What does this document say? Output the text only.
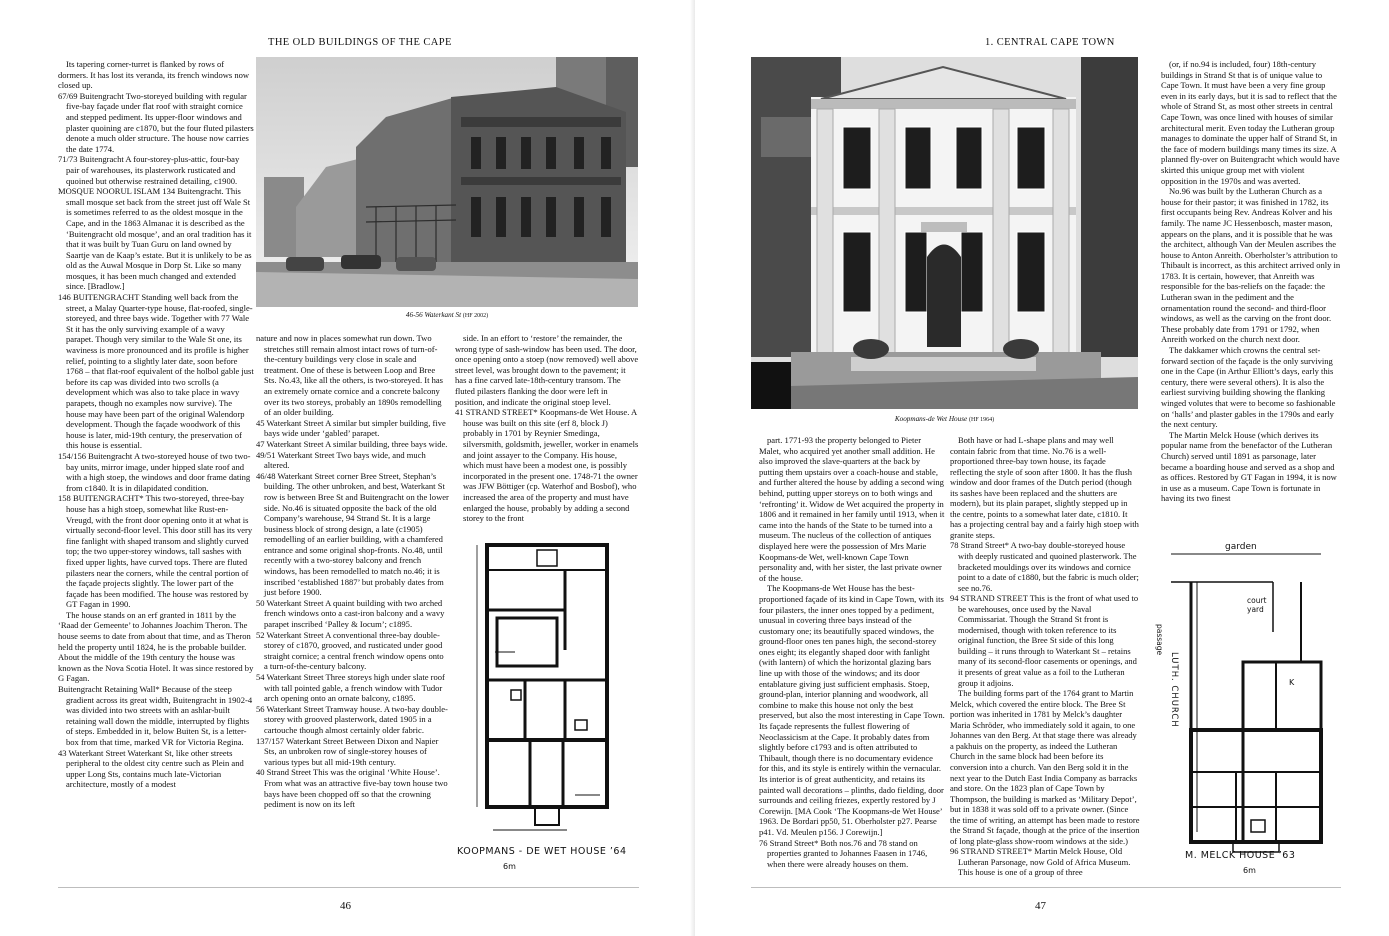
THE OLD BUILDINGS OF THE CAPE

Its tapering corner-turret is flanked by rows of dormers. It has lost its veranda, its french windows now closed up.

67/69 Buitengracht Two-storeyed building with regular five-bay façade under flat roof with straight cornice and stepped pediment. Its upper-floor windows and plaster quoining are c1870, but the four fluted pilasters denote a much older structure. The house now carries the date 1774.

71/73 Buitengracht A four-storey-plus-attic, four-bay pair of warehouses, its plasterwork rusticated and quoined but otherwise restrained detailing, c1900.

MOSQUE NOORUL ISLAM 134 Buitengracht. This small mosque set back from the street just off Wale St is sometimes referred to as the oldest mosque in the Cape, and in the 1863 Almanac it is described as the ‘Buitengracht old mosque’, and an oral tradition has it that it was built by Tuan Guru on land owned by Saartje van de Kaap’s estate. But it is unlikely to be as old as the Auwal Mosque in Dorp St. Like so many mosques, it has been much changed and extended since. [Bradlow.]

146 BUITENGRACHT Standing well back from the street, a Malay Quarter-type house, flat-roofed, single-storeyed, and three bays wide. Together with 77 Wale St it has the only surviving example of a wavy parapet. Though very similar to the Wale St one, its waviness is more pronounced and its profile is higher relief, pointing to a slightly later date, soon before 1768 – that flat-roof equivalent of the holbol gable just before its cap was divided into two scrolls (a development which was also to take place in wavy parapets, though no examples now survive). The house may have been part of the original Walendorp development. Though the façade woodwork of this house is later, mid-19th century, the preservation of this house is essential.

154/156 Buitengracht A two-storeyed house of two two-bay units, mirror image, under hipped slate roof and with a high stoep, the windows and door frame dating from c1840. It is in dilapidated condition.

158 BUITENGRACHT* This two-storeyed, three-bay house has a high stoep, somewhat like Rust-en-Vreugd, with the front door opening onto it at what is virtually second-floor level. This door still has its very fine fanlight with shaped transom and slightly curved top; the two upper-storey windows, tall sashes with fixed upper lights, have curved tops. There are fluted pilasters near the corners, while the central portion of the façade projects slightly. The lower part of the façade has been modified. The house was restored by GT Fagan in 1990.

The house stands on an erf granted in 1811 by the ‘Raad der Gemeente’ to Johannes Joachim Theron. The house seems to date from about that time, and as Theron held the property until 1824, he is the probable builder. About the middle of the 19th century the house was known as the Nova Scotia Hotel. It was since restored by G Fagan.

Buitengracht Retaining Wall* Because of the steep gradient across its great width, Buitengracht in 1902-4 was divided into two streets with an ashlar-built retaining wall down the middle, interrupted by flights of steps. Embedded in it, below Buiten St, is a letter-box from that time, marked VR for Victoria Regina.

43 Waterkant Street Waterkant St, like other streets peripheral to the oldest city centre such as Plein and upper Long Sts, contains much late-Victorian architecture, mostly of a modest

46-56 Waterkant St (HF 2002)

nature and now in places somewhat run down. Two stretches still remain almost intact rows of turn-of-the-century buildings very close in scale and treatment. One of these is between Loop and Bree Sts. No.43, like all the others, is two-storeyed. It has an extremely ornate cornice and a concrete balcony over its two storeys, probably an 1890s remodelling of an older building.

45 Waterkant Street A similar but simpler building, five bays wide under ‘gabled’ parapet.

47 Waterkant Street A similar building, three bays wide.

49/51 Waterkant Street Two bays wide, and much altered.

46/48 Waterkant Street corner Bree Street, Stephan’s building. The other unbroken, and best, Waterkant St row is between Bree St and Buitengracht on the lower side. No.46 is situated opposite the back of the old Company’s warehouse, 94 Strand St. It is a large business block of strong design, a late (c1905) remodelling of an earlier building, with a chamfered entrance and some original shop-fronts. No.48, until recently with a two-storey balcony and french windows, has been remodelled to match no.46; it is inscribed ‘established 1887’ but probably dates from just before 1900.

50 Waterkant Street A quaint building with two arched french windows onto a cast-iron balcony and a wavy parapet inscribed ‘Palley & Iocum’; c1895.

52 Waterkant Street A conventional three-bay double-storey of c1870, grooved, and rusticated under good straight cornice; a central french window opens onto a turn-of-the-century balcony.

54 Waterkant Street Three storeys high under slate roof with tall pointed gable, a french window with Tudor arch opening onto an ornate balcony, c1895.

56 Waterkant Street Tramway house. A two-bay double-storey with grooved plasterwork, dated 1905 in a cartouche though almost certainly older fabric.

137/157 Waterkant Street Between Dixon and Napier Sts, an unbroken row of single-storey houses of various types but all mid-19th century.

40 Strand Street This was the original ‘White House’. From what was an attractive five-bay town house two bays have been chopped off so that the crowning pediment is now on its left

side. In an effort to ‘restore’ the remainder, the wrong type of sash-window has been used. The door, once opening onto a stoep (now removed) well above street level, was brought down to the pavement; it has a fine carved late-18th-century transom. The fluted pilasters flanking the door were left in position, and indicate the original stoep level.

41 STRAND STREET* Koopmans-de Wet House. A house was built on this site (erf 8, block J) probably in 1701 by Reynier Smedinga, silversmith, goldsmith, jeweller, worker in enamels and joint assayer to the Company. His house, which must have been a modest one, is possibly incorporated in the present one. 1748-71 the owner was JFW Böttiger (cp. Waterhof and Bosbof), who increased the area of the property and must have enlarged the house, probably by adding a second storey to the front

KOOPMANS - DE WET HOUSE ’64
6m
46
1. CENTRAL CAPE TOWN
Koopmans-de Wet House (HF 1964)

part. 1771-93 the property belonged to Pieter Malet, who acquired yet another small addition. He also improved the slave-quarters at the back by putting them upstairs over a coach-house and stable, and further altered the house by adding a second wing behind, putting upper storeys on to both wings and ‘refronting’ it. Widow de Wet acquired the property in 1806 and it remained in her family until 1913, when it came into the hands of the State to be turned into a museum. The nucleus of the collection of antiques displayed here were the possession of Mrs Marie Koopmans-de Wet, well-known Cape Town personality and, with her sister, the last private owner of the house.

The Koopmans-de Wet House has the best-proportioned façade of its kind in Cape Town, with its four pilasters, the inner ones topped by a pediment, unusual in covering three bays instead of the customary one; its beautifully spaced windows, the ground-floor ones ten panes high, the second-storey ones eight; its elegantly shaped door with fanlight (with lantern) of which the horizontal glazing bars line up with those of the windows; and its door entablature giving just sufficient emphasis. Stoep, ground-plan, interior planning and woodwork, all combine to make this house not only the best preserved, but also the most interesting in Cape Town. Its façade represents the fullest flowering of Neoclassicism at the Cape. It probably dates from slightly before c1793 and is often attributed to Thibault, though there is no documentary evidence for this, and its style is entirely within the vernacular. Its interior is of great authenticity, and retains its painted wall decorations – plinths, dado fielding, door surrounds and ceiling friezes, expertly restored by J Corewijn. [MA Cook ‘The Koopmans-de Wet House’ 1963. De Bordari pp50, 51. Oberholster p27. Pearse p41. Vd. Meulen p156. J Corewijn.]

76 Strand Street* Both nos.76 and 78 stand on properties granted to Johannes Faasen in 1746, when there were already houses on them.

Both have or had L-shape plans and may well contain fabric from that time. No.76 is a well-proportioned three-bay town house, its façade reflecting the style of soon after 1800. It has the flush window and door frames of the Dutch period (though its sashes have been replaced and the shutters are modern), but its plain parapet, slightly stepped up in the centre, points to a somewhat later date, c1810. It has a projecting central bay and a fairly high stoep with granite steps.

78 Strand Street* A two-bay double-storeyed house with deeply rusticated and quoined plasterwork. The bracketed mouldings over its windows and cornice point to a date of c1880, but the fabric is much older; see no.76.

94 STRAND STREET This is the front of what used to be warehouses, once used by the Naval Commissariat. Though the Strand St front is modernised, though with token reference to its original function, the Bree St side of this long building – it runs through to Waterkant St – retains many of its second-floor casements or openings, and it presents of great value as a foil to the Lutheran group it adjoins.

The building forms part of the 1764 grant to Martin Melck, which covered the entire block. The Bree St portion was inherited in 1781 by Melck’s daughter Maria Schröder, who immediately sold it again, to one Johannes van den Berg. At that stage there was already a pakhuis on the property, as indeed the Lutheran Church in the same block had been before its conversion into a church. Van den Berg sold it in the next year to the Dutch East India Company as barracks and store. On the 1823 plan of Cape Town by Thompson, the building is marked as ‘Military Depot’, but in 1838 it was sold off to a private owner. (Since the time of writing, an attempt has been made to restore the Strand St façade, though at the price of the insertion of long plate-glass show-room windows at the side.)

96 STRAND STREET* Martin Melck House, Old Lutheran Parsonage, now Gold of Africa Museum. This house is one of a group of three

(or, if no.94 is included, four) 18th-century buildings in Strand St that is of unique value to Cape Town. It must have been a very fine group even in its early days, but it is sad to reflect that the whole of Strand St, as most other streets in central Cape Town, was once lined with houses of similar architectural merit. Even today the Lutheran group manages to dominate the upper half of Strand St, in the face of modern buildings many times its size. A planned fly-over on Buitengracht which would have skirted this unique group met with violent opposition in the 1970s and was averted.

No.96 was built by the Lutheran Church as a house for their pastor; it was finished in 1782, its first occupants being Rev. Andreas Kolver and his family. The name JC Hessenbosch, master mason, appears on the plans, and it is possible that he was the architect, although Van der Meulen ascribes the house to Anton Anreith. Oberholster’s attribution to Thibault is incorrect, as this architect arrived only in 1783. It is certain, however, that Anreith was responsible for the bas-reliefs on the façade: the Lutheran swan in the pediment and the ornamentation round the second- and third-floor windows, as well as the carving on the front door. These probably date from 1791 or 1792, when Anreith worked on the church next door.

The dakkamer which crowns the central set-forward section of the façade is the only surviving one in the Cape (in Arthur Elliott’s days, early this century, there were several others). It is also the earliest surviving building showing the flanking winged volutes that were to become so fashionable on ‘halls’ and plaster gables in the 1790s and early the next century.

The Martin Melck House (which derives its popular name from the benefactor of the Lutheran Church) served until 1891 as parsonage, later became a boarding house and served as a shop and as offices. Restored by GT Fagan in 1994, it is now in use as a museum. Cape Town is fortunate in having its two finest

garden
court yard
passage
LUTH. CHURCH	K
M. MELCK HOUSE ’63
6m
47
